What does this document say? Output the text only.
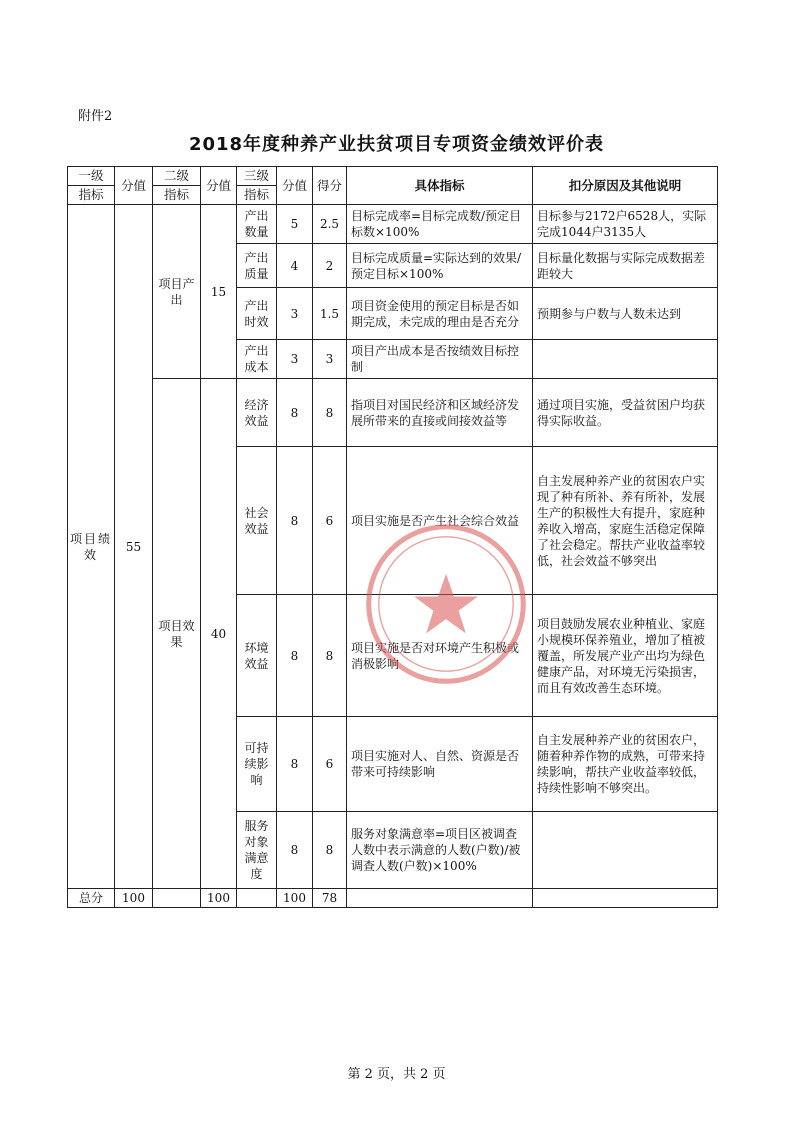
附件2
2018年度种养产业扶贫项目专项资金绩效评价表
一级	分值	二级	分值	三级	分值	得分	具体指标	扣分原因及其他说明
指标		指标		指标				
项目绩效	55	项目产出	15	产出数量	5	2.5	目标完成率=目标完成数/预定目标数×100%	目标参与2172户6528人，实际完成1044户3135人
				产出质量	4	2	目标完成质量=实际达到的效果/预定目标×100%	目标量化数据与实际完成数据差距较大
				产出时效	3	1.5	项目资金使用的预定目标是否如期完成，未完成的理由是否充分	预期参与户数与人数未达到
				产出成本	3	3	项目产出成本是否按绩效目标控制	
		项目效果	40	经济效益	8	8	指项目对国民经济和区域经济发展所带来的直接或间接效益等	通过项目实施，受益贫困户均获得实际收益。
				社会效益	8	6	项目实施是否产生社会综合效益	自主发展种养产业的贫困农户实现了种有所补、养有所补，发展生产的积极性大有提升，家庭种养收入增高，家庭生活稳定保障了社会稳定。帮扶产业收益率较低，社会效益不够突出
				环境效益	8	8	项目实施是否对环境产生积极或消极影响	项目鼓励发展农业种植业、家庭小规模环保养殖业，增加了植被覆盖，所发展产业产出均为绿色健康产品，对环境无污染损害，而且有效改善生态环境。
				可持续影响	8	6	项目实施对人、自然、资源是否带来可持续影响	自主发展种养产业的贫困农户，随着种养作物的成熟，可带来持续影响，帮扶产业收益率较低，持续性影响不够突出。
				服务对象满意度	8	8	服务对象满意率=项目区被调查人数中表示满意的人数(户数)/被调查人数(户数)×100%	
总分	100		100		100	78		
第 2 页，共 2 页
